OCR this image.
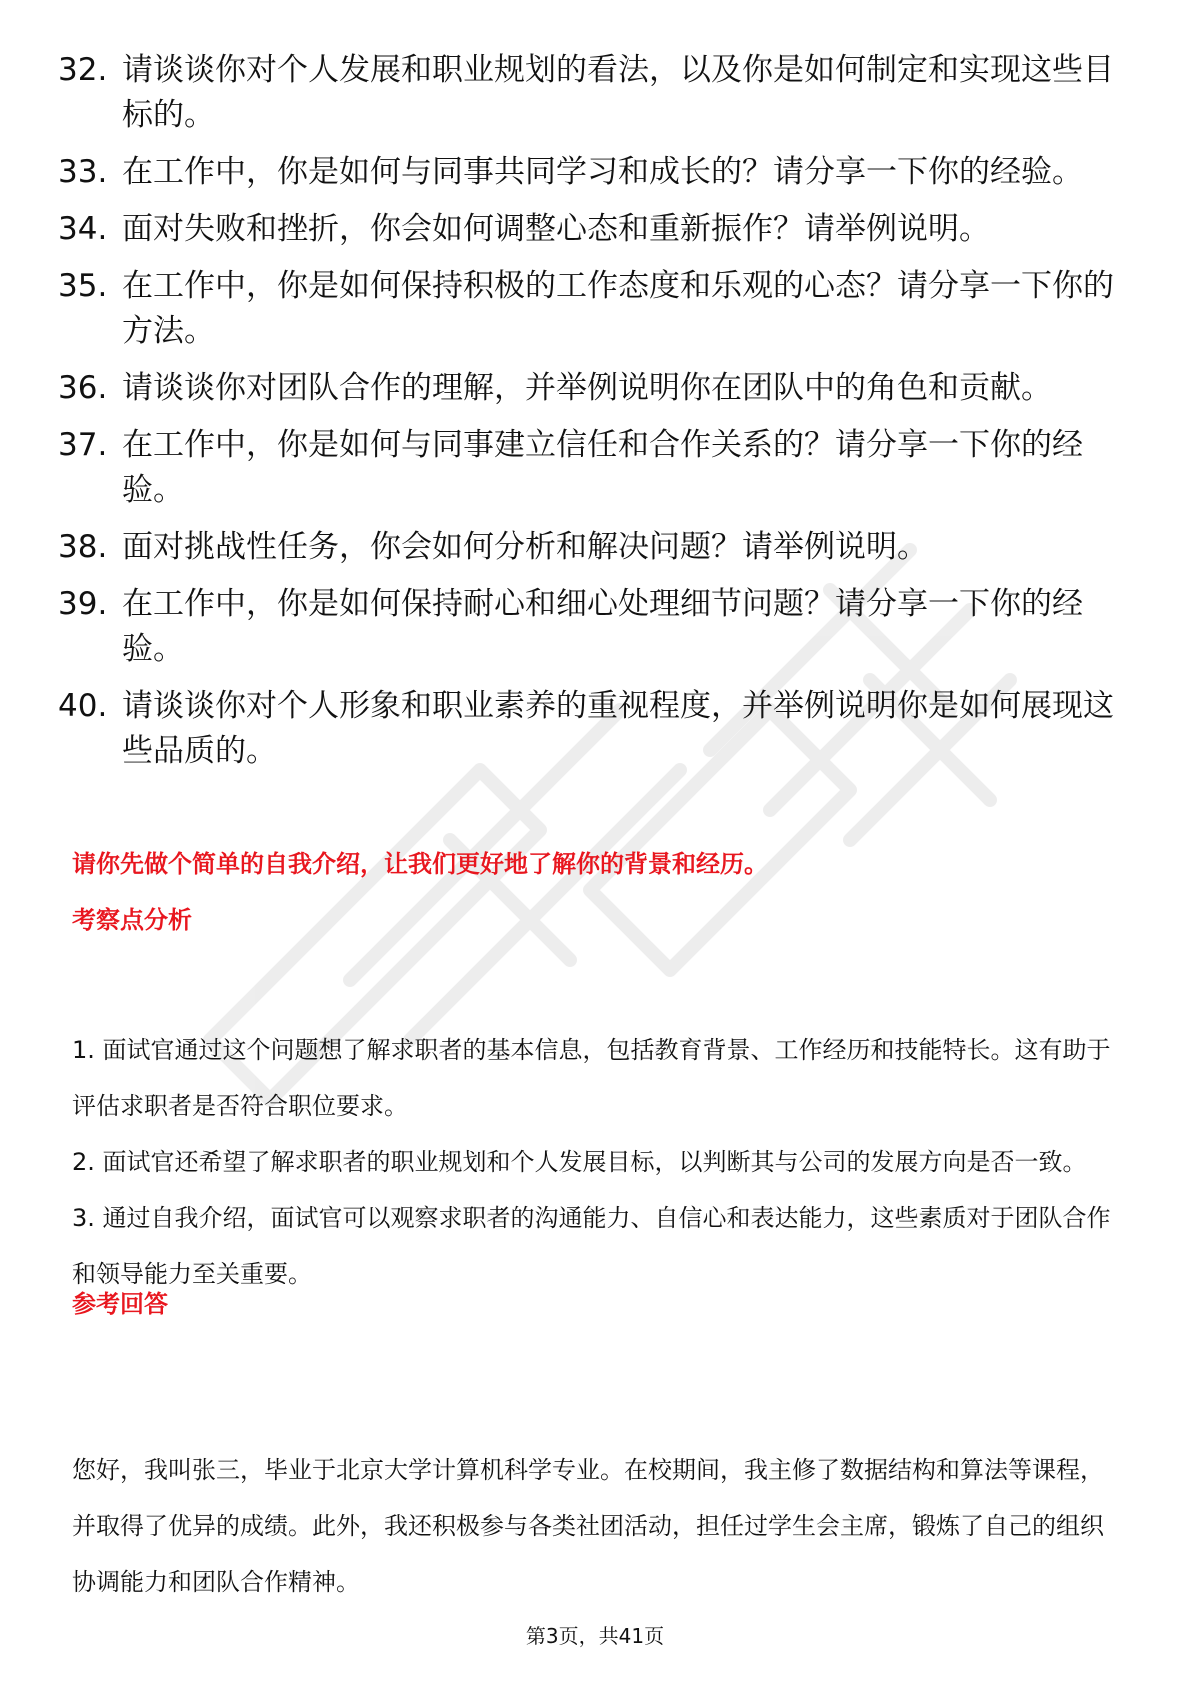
32. 请谈谈你对个人发展和职业规划的看法，以及你是如何制定和实现这些目标的。
33. 在工作中，你是如何与同事共同学习和成长的？请分享一下你的经验。
34. 面对失败和挫折，你会如何调整心态和重新振作？请举例说明。
35. 在工作中，你是如何保持积极的工作态度和乐观的心态？请分享一下你的方法。
36. 请谈谈你对团队合作的理解，并举例说明你在团队中的角色和贡献。
37. 在工作中，你是如何与同事建立信任和合作关系的？请分享一下你的经验。
38. 面对挑战性任务，你会如何分析和解决问题？请举例说明。
39. 在工作中，你是如何保持耐心和细心处理细节问题？请分享一下你的经验。
40. 请谈谈你对个人形象和职业素养的重视程度，并举例说明你是如何展现这些品质的。

请你先做个简单的自我介绍，让我们更好地了解你的背景和经历。

考察点分析

1. 面试官通过这个问题想了解求职者的基本信息，包括教育背景、工作经历和技能特长。这有助于评估求职者是否符合职位要求。

2. 面试官还希望了解求职者的职业规划和个人发展目标，以判断其与公司的发展方向是否一致。

3. 通过自我介绍，面试官可以观察求职者的沟通能力、自信心和表达能力，这些素质对于团队合作和领导能力至关重要。

参考回答

您好，我叫张三，毕业于北京大学计算机科学专业。在校期间，我主修了数据结构和算法等课程，并取得了优异的成绩。此外，我还积极参与各类社团活动，担任过学生会主席，锻炼了自己的组织协调能力和团队合作精神。

第3页，共41页
